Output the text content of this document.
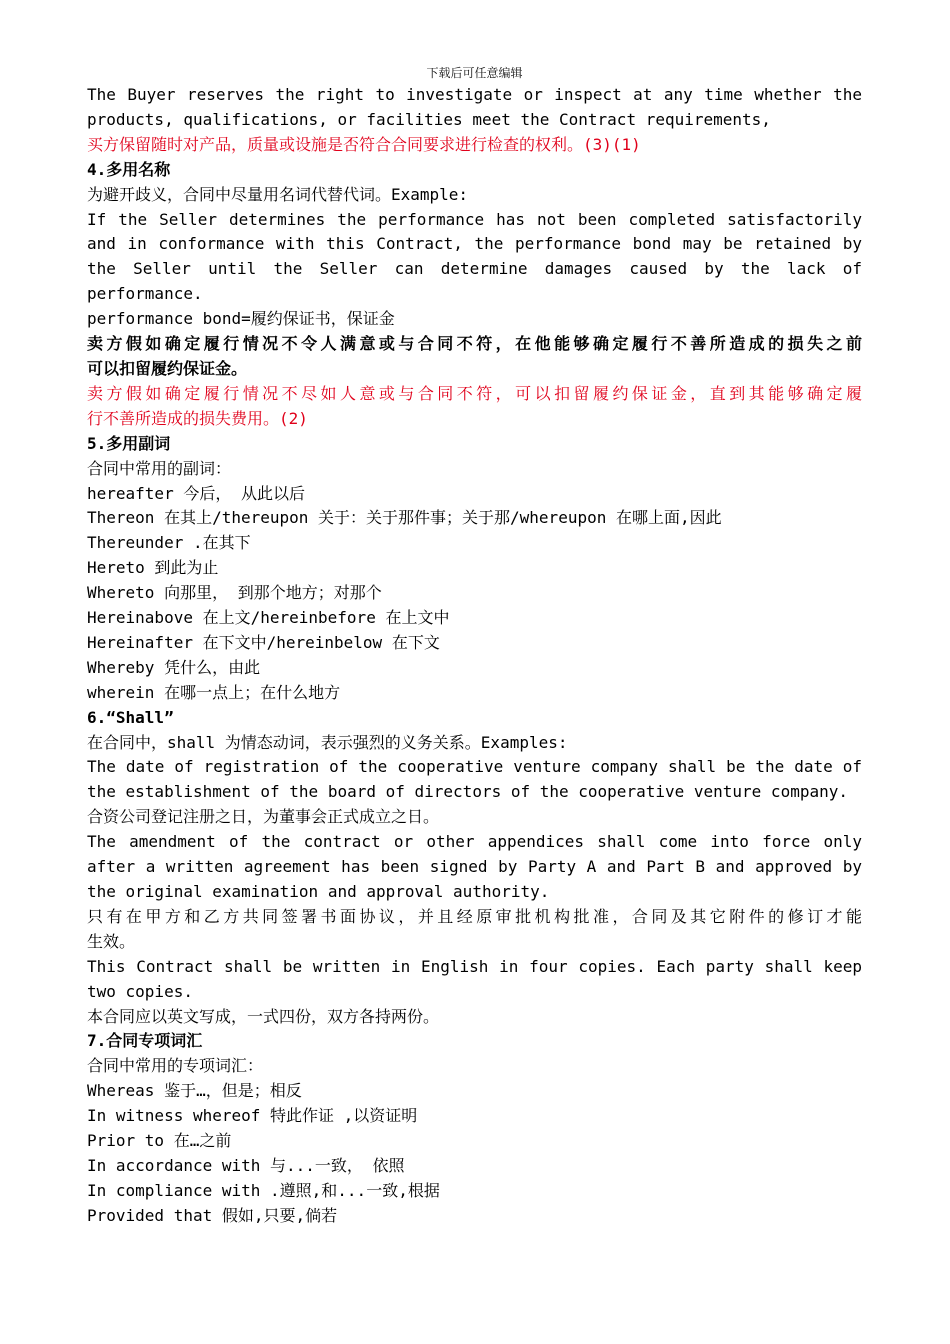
下载后可任意编辑
The Buyer reserves the right to investigate or inspect at any time whether the
products, qualifications, or facilities meet the Contract requirements,
买方保留随时对产品，质量或设施是否符合合同要求进行检查的权利。(3)(1)
4.多用名称
为避开歧义，合同中尽量用名词代替代词。Example:
If the Seller determines the performance has not been completed satisfactorily
and in conformance with this Contract, the performance bond may be retained by
the Seller until the Seller can determine damages caused by the lack of
performance.
performance bond=履约保证书，保证金
卖方假如确定履行情况不令人满意或与合同不符，在他能够确定履行不善所造成的损失之前
可以扣留履约保证金。
卖方假如确定履行情况不尽如人意或与合同不符，可以扣留履约保证金，直到其能够确定履
行不善所造成的损失费用。(2)
5.多用副词
合同中常用的副词：
hereafter 今后， 从此以后
Thereon 在其上/thereupon 关于：关于那件事；关于那/whereupon 在哪上面,因此
Thereunder .在其下
Hereto 到此为止
Whereto 向那里， 到那个地方；对那个
Hereinabove 在上文/hereinbefore 在上文中
Hereinafter 在下文中/hereinbelow 在下文
Whereby 凭什么，由此
wherein 在哪一点上；在什么地方
6.“Shall”
在合同中，shall 为情态动词，表示强烈的义务关系。Examples:
The date of registration of the cooperative venture company shall be the date of
the establishment of the board of directors of the cooperative venture company.
合资公司登记注册之日，为董事会正式成立之日。
The amendment of the contract or other appendices shall come into force only
after a written agreement has been signed by Party A and Part B and approved by
the original examination and approval authority.
只有在甲方和乙方共同签署书面协议，并且经原审批机构批准，合同及其它附件的修订才能
生效。
This Contract shall be written in English in four copies. Each party shall keep
two copies.
本合同应以英文写成，一式四份，双方各持两份。
7.合同专项词汇
合同中常用的专项词汇：
Whereas 鉴于…，但是；相反
In witness whereof 特此作证 ,以资证明
Prior to 在…之前
In accordance with 与...一致， 依照
In compliance with .遵照,和...一致,根据
Provided that 假如,只要,倘若
